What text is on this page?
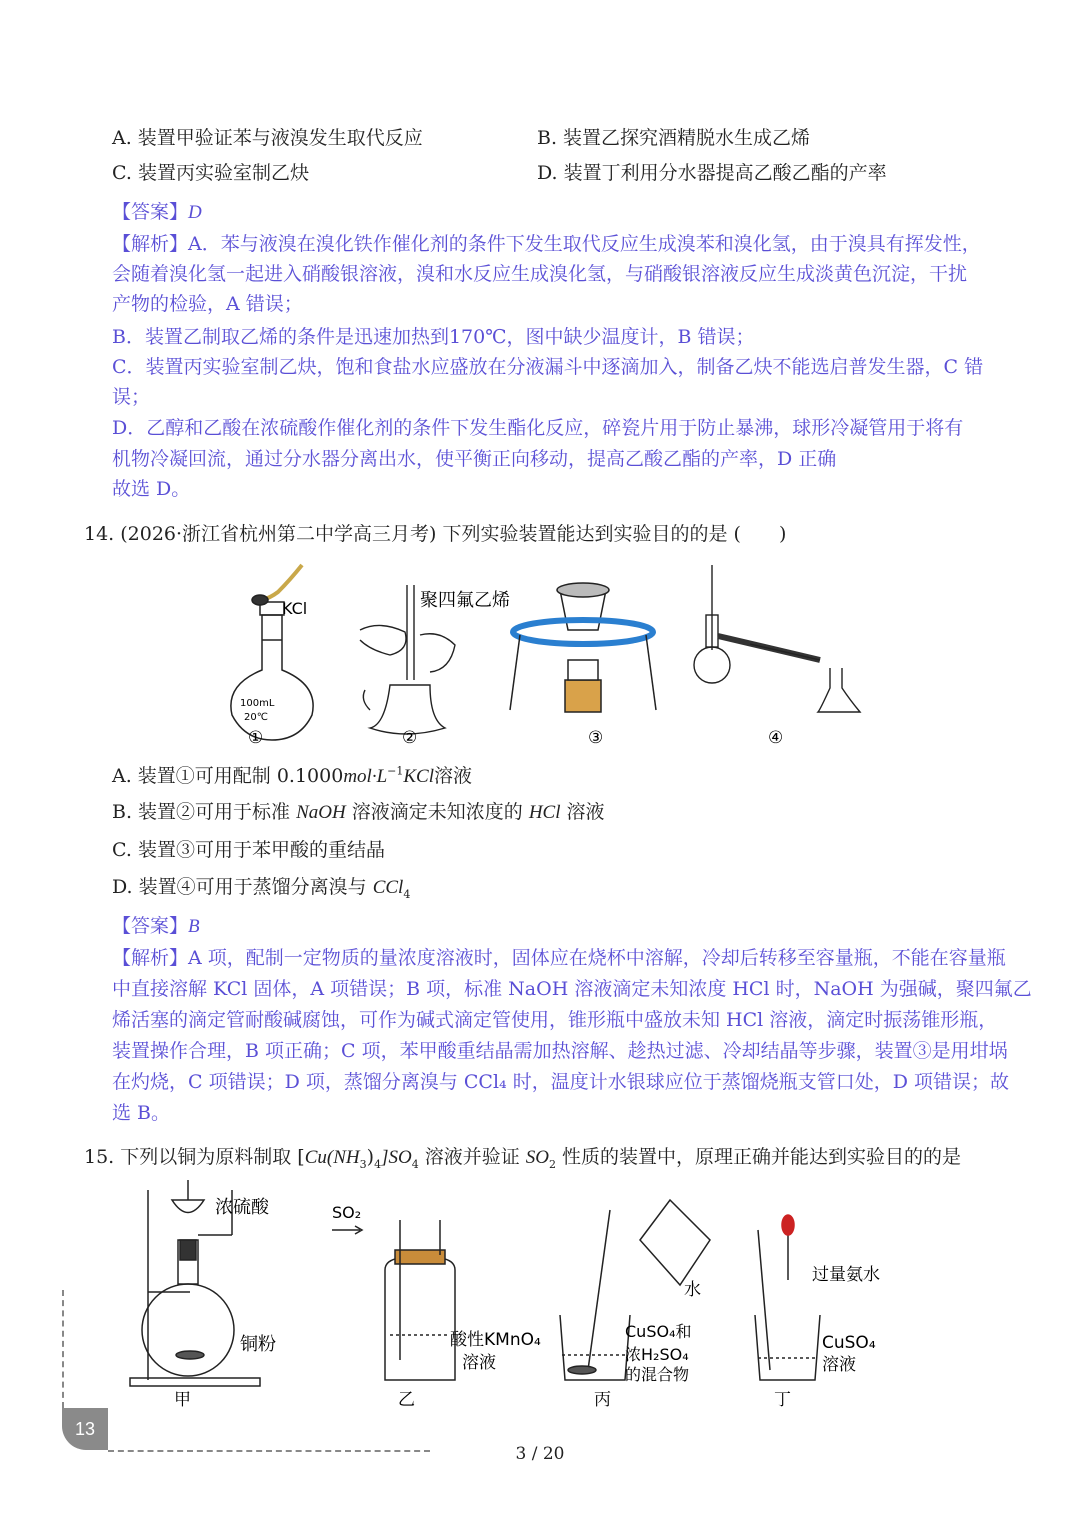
A. 装置甲验证苯与液溴发生取代反应	B. 装置乙探究酒精脱水生成乙烯
C. 装置丙实验室制乙炔	D. 装置丁利用分水器提高乙酸乙酯的产率
【答案】D
【解析】A．苯与液溴在溴化铁作催化剂的条件下发生取代反应生成溴苯和溴化氢，由于溴具有挥发性，
会随着溴化氢一起进入硝酸银溶液，溴和水反应生成溴化氢，与硝酸银溶液反应生成淡黄色沉淀，干扰
产物的检验，A 错误；
B．装置乙制取乙烯的条件是迅速加热到170℃，图中缺少温度计，B 错误；
C．装置丙实验室制乙炔，饱和食盐水应盛放在分液漏斗中逐滴加入，制备乙炔不能选启普发生器，C 错
误；
D．乙醇和乙酸在浓硫酸作催化剂的条件下发生酯化反应，碎瓷片用于防止暴沸，球形冷凝管用于将有
机物冷凝回流，通过分水器分离出水，使平衡正向移动，提高乙酸乙酯的产率，D 正确
故选 D。
14. (2026·浙江省杭州第二中学高三月考) 下列实验装置能达到实验目的的是 (　　)
KCl
100mL
20℃
①
聚四氟乙烯
②	③	④
A. 装置①可用配制 $0.1000mol\cdot L^{-1}KCl$溶液
B. 装置②可用于标准 NaOH 溶液滴定未知浓度的 HCl 溶液
C. 装置③可用于苯甲酸的重结晶
D. 装置④可用于蒸馏分离溴与 CCl$_4$
【答案】B
【解析】A 项，配制一定物质的量浓度溶液时，固体应在烧杯中溶解，冷却后转移至容量瓶，不能在容量瓶
中直接溶解 KCl 固体，A 项错误；B 项，标准 NaOH 溶液滴定未知浓度 HCl 时，NaOH 为强碱，聚四氟乙
烯活塞的滴定管耐酸碱腐蚀，可作为碱式滴定管使用，锥形瓶中盛放未知 HCl 溶液，滴定时振荡锥形瓶，
装置操作合理，B 项正确；C 项，苯甲酸重结晶需加热溶解、趁热过滤、冷却结晶等步骤，装置③是用坩埚
在灼烧，C 项错误；D 项，蒸馏分离溴与 CCl₄ 时，温度计水银球应位于蒸馏烧瓶支管口处，D 项错误；故
选 B。
15. 下列以铜为原料制取 $[Cu(NH_3)_4]SO_4$ 溶液并验证 $SO_2$ 性质的装置中，原理正确并能达到实验目的的是
浓硫酸
铜粉
甲
SO₂
酸性KMnO₄
溶液
乙
水
CuSO₄和
浓H₂SO₄
的混合物
丙
过量氨水
CuSO₄
溶液
丁
13
3 / 20
